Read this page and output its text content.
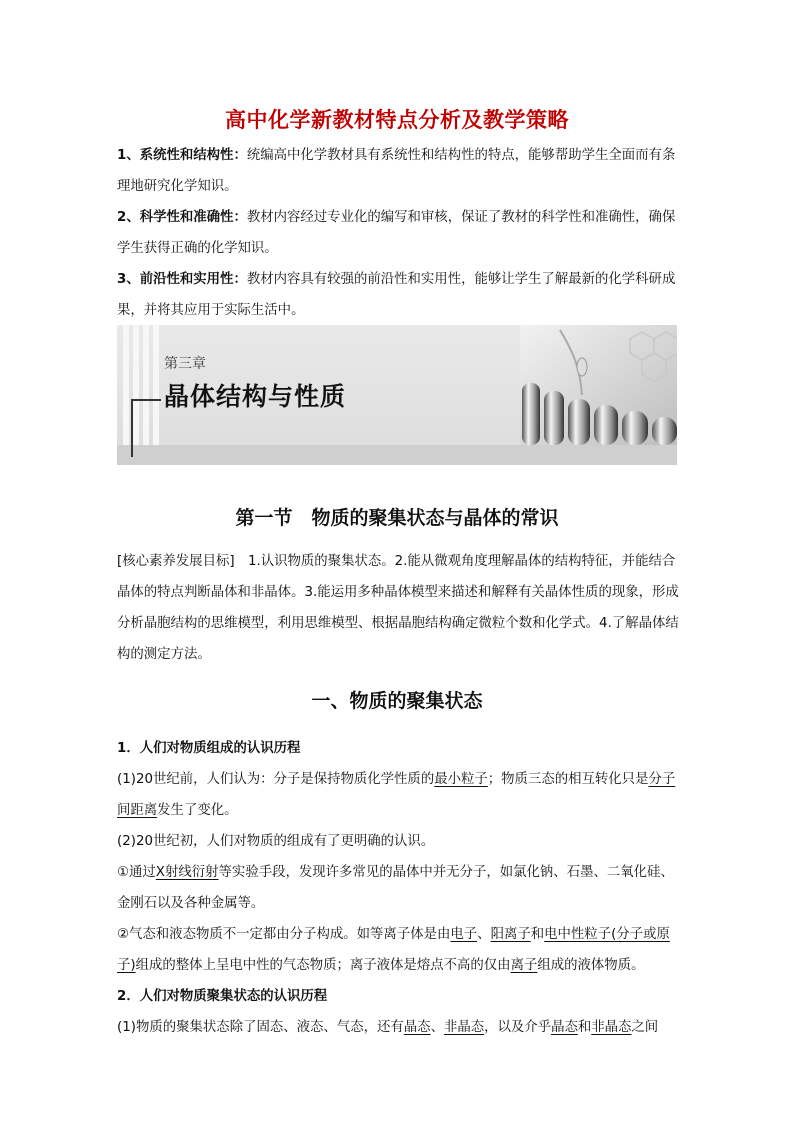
高中化学新教材特点分析及教学策略
1、系统性和结构性：统编高中化学教材具有系统性和结构性的特点，能够帮助学生全面而有条理地研究化学知识。
2、科学性和准确性：教材内容经过专业化的编写和审核，保证了教材的科学性和准确性，确保学生获得正确的化学知识。
3、前沿性和实用性：教材内容具有较强的前沿性和实用性，能够让学生了解最新的化学科研成果，并将其应用于实际生活中。
第三章
晶体结构与性质
第一节　物质的聚集状态与晶体的常识
[核心素养发展目标]　1.认识物质的聚集状态。2.能从微观角度理解晶体的结构特征，并能结合晶体的特点判断晶体和非晶体。3.能运用多种晶体模型来描述和解释有关晶体性质的现象，形成分析晶胞结构的思维模型，利用思维模型、根据晶胞结构确定微粒个数和化学式。4.了解晶体结构的测定方法。
一、物质的聚集状态
1．人们对物质组成的认识历程
(1)20世纪前，人们认为：分子是保持物质化学性质的最小粒子；物质三态的相互转化只是分子间距离发生了变化。
(2)20世纪初，人们对物质的组成有了更明确的认识。
①通过X射线衍射等实验手段，发现许多常见的晶体中并无分子，如氯化钠、石墨、二氧化硅、金刚石以及各种金属等。
②气态和液态物质不一定都由分子构成。如等离子体是由电子、阳离子和电中性粒子(分子或原子)组成的整体上呈电中性的气态物质；离子液体是熔点不高的仅由离子组成的液体物质。
2．人们对物质聚集状态的认识历程
(1)物质的聚集状态除了固态、液态、气态，还有晶态、非晶态，以及介乎晶态和非晶态之间
